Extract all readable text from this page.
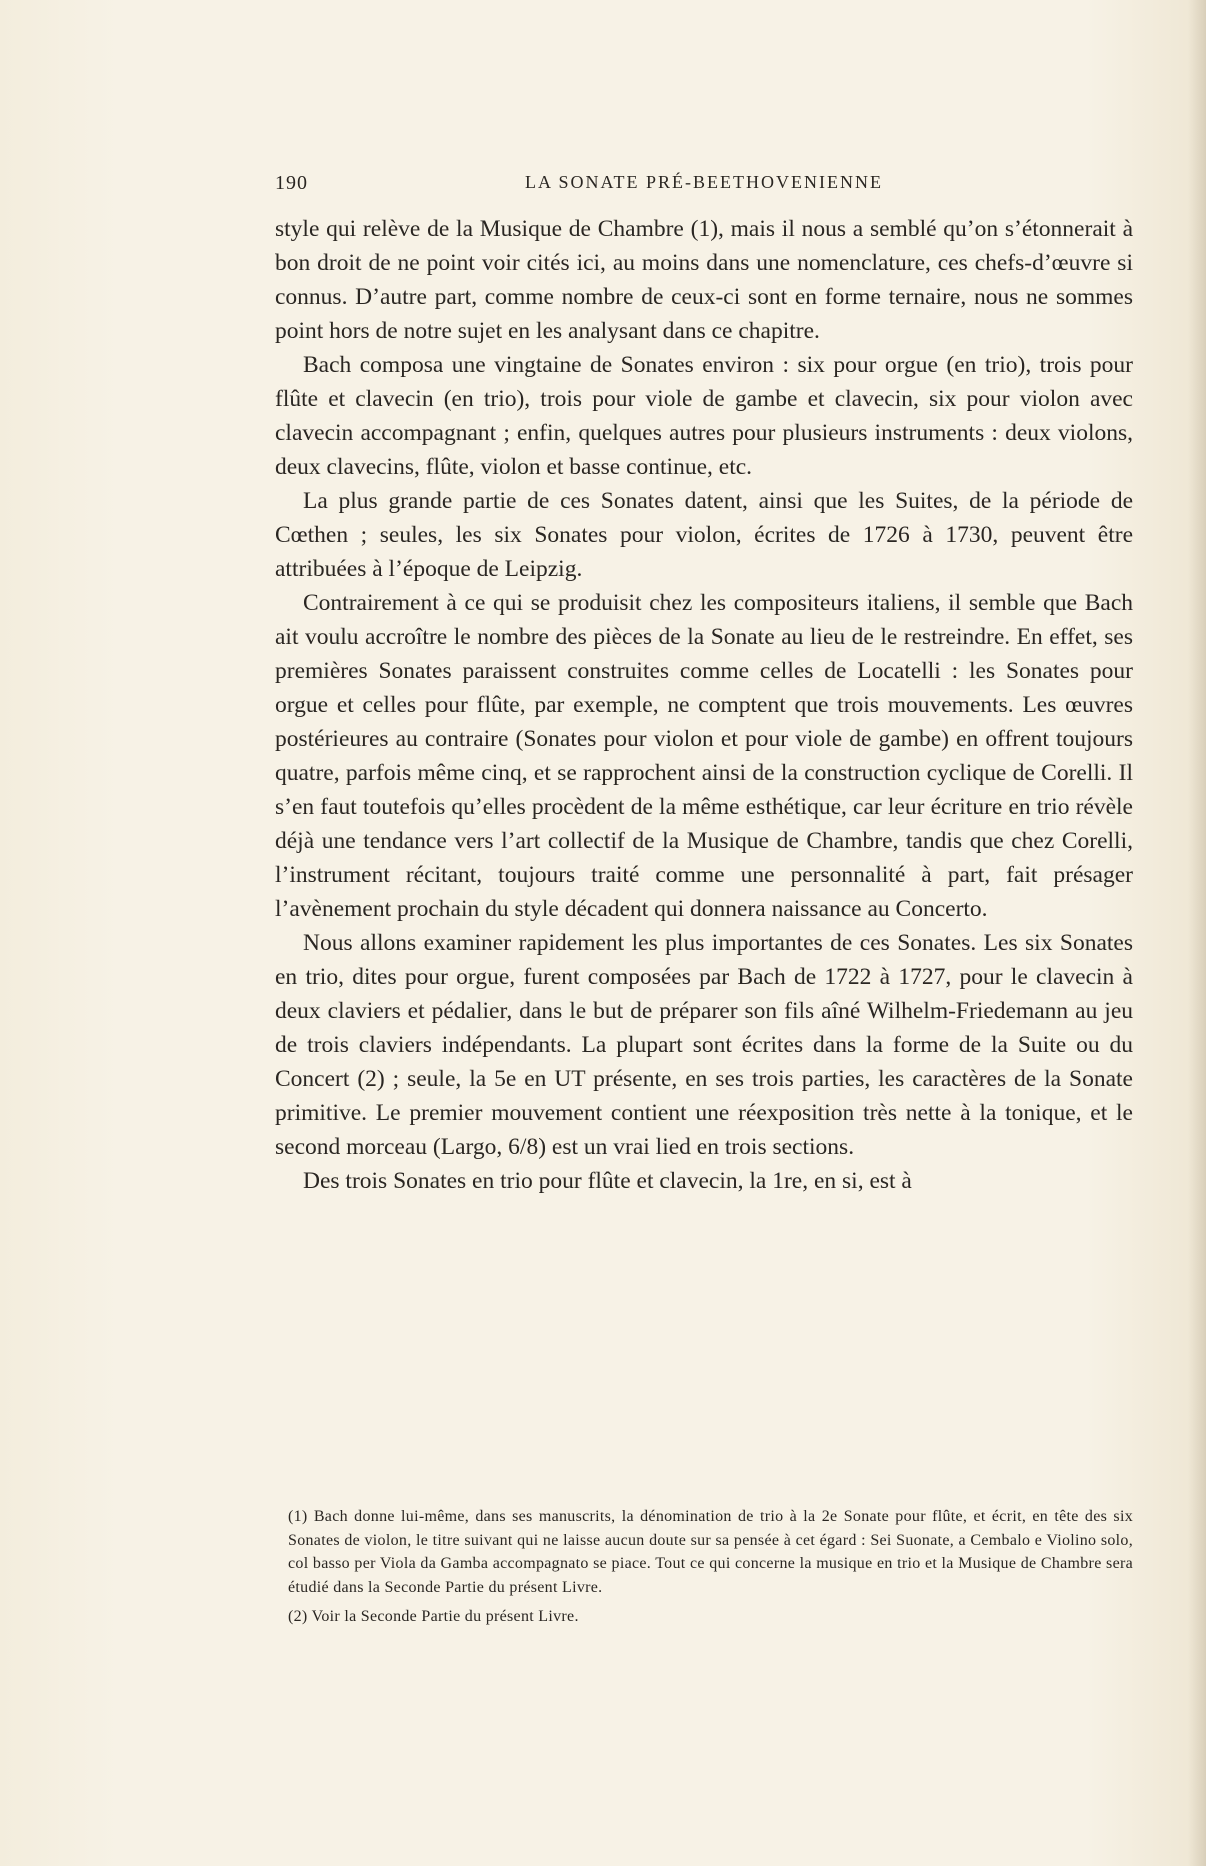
190	LA SONATE PRÉ-BEETHOVENIENNE

style qui relève de la Musique de Chambre (1), mais il nous a semblé qu’on s’étonnerait à bon droit de ne point voir cités ici, au moins dans une nomenclature, ces chefs-d’œuvre si connus. D’autre part, comme nombre de ceux-ci sont en forme ternaire, nous ne sommes point hors de notre sujet en les analysant dans ce chapitre.

Bach composa une vingtaine de Sonates environ : six pour orgue (en trio), trois pour flûte et clavecin (en trio), trois pour viole de gambe et clavecin, six pour violon avec clavecin accompagnant ; enfin, quelques autres pour plusieurs instruments : deux violons, deux clavecins, flûte, violon et basse continue, etc.

La plus grande partie de ces Sonates datent, ainsi que les Suites, de la période de Cœthen ; seules, les six Sonates pour violon, écrites de 1726 à 1730, peuvent être attribuées à l’époque de Leipzig.

Contrairement à ce qui se produisit chez les compositeurs italiens, il semble que Bach ait voulu accroître le nombre des pièces de la Sonate au lieu de le restreindre. En effet, ses premières Sonates paraissent construites comme celles de Locatelli : les Sonates pour orgue et celles pour flûte, par exemple, ne comptent que trois mouvements. Les œuvres postérieures au contraire (Sonates pour violon et pour viole de gambe) en offrent toujours quatre, parfois même cinq, et se rapprochent ainsi de la construction cyclique de Corelli. Il s’en faut toutefois qu’elles procèdent de la même esthétique, car leur écriture en trio révèle déjà une tendance vers l’art collectif de la Musique de Chambre, tandis que chez Corelli, l’instrument récitant, toujours traité comme une personnalité à part, fait présager l’avènement prochain du style décadent qui donnera naissance au Concerto.

Nous allons examiner rapidement les plus importantes de ces Sonates. Les six Sonates en trio, dites pour orgue, furent composées par Bach de 1722 à 1727, pour le clavecin à deux claviers et pédalier, dans le but de préparer son fils aîné Wilhelm-Friedemann au jeu de trois claviers indépendants. La plupart sont écrites dans la forme de la Suite ou du Concert (2) ; seule, la 5e en UT présente, en ses trois parties, les caractères de la Sonate primitive. Le premier mouvement contient une réexposition très nette à la tonique, et le second morceau (Largo, 6/8) est un vrai lied en trois sections.

Des trois Sonates en trio pour flûte et clavecin, la 1re, en si, est à

(1) Bach donne lui-même, dans ses manuscrits, la dénomination de trio à la 2e Sonate pour flûte, et écrit, en tête des six Sonates de violon, le titre suivant qui ne laisse aucun doute sur sa pensée à cet égard : Sei Suonate, a Cembalo e Violino solo, col basso per Viola da Gamba accompagnato se piace. Tout ce qui concerne la musique en trio et la Musique de Chambre sera étudié dans la Seconde Partie du présent Livre.

(2) Voir la Seconde Partie du présent Livre.
